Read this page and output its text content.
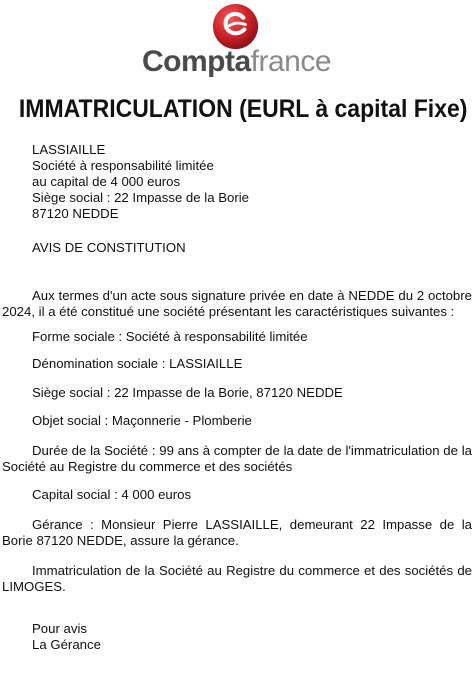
Comptafrance
IMMATRICULATION (EURL à capital Fixe)
LASSIAILLE
Société à responsabilité limitée
au capital de 4 000 euros
Siège social : 22 Impasse de la Borie
87120 NEDDE
AVIS DE CONSTITUTION
Aux termes d'un acte sous signature privée en date à NEDDE du 2 octobre 2024, il a été constitué une société présentant les caractéristiques suivantes :
Forme sociale : Société à responsabilité limitée
Dénomination sociale : LASSIAILLE
Siège social : 22 Impasse de la Borie, 87120 NEDDE
Objet social : Maçonnerie - Plomberie
Durée de la Société : 99 ans à compter de la date de l'immatriculation de la Société au Registre du commerce et des sociétés
Capital social : 4 000 euros
Gérance : Monsieur Pierre LASSIAILLE, demeurant 22 Impasse de la Borie 87120 NEDDE, assure la gérance.
Immatriculation de la Société au Registre du commerce et des sociétés de LIMOGES.
Pour avis
La Gérance
